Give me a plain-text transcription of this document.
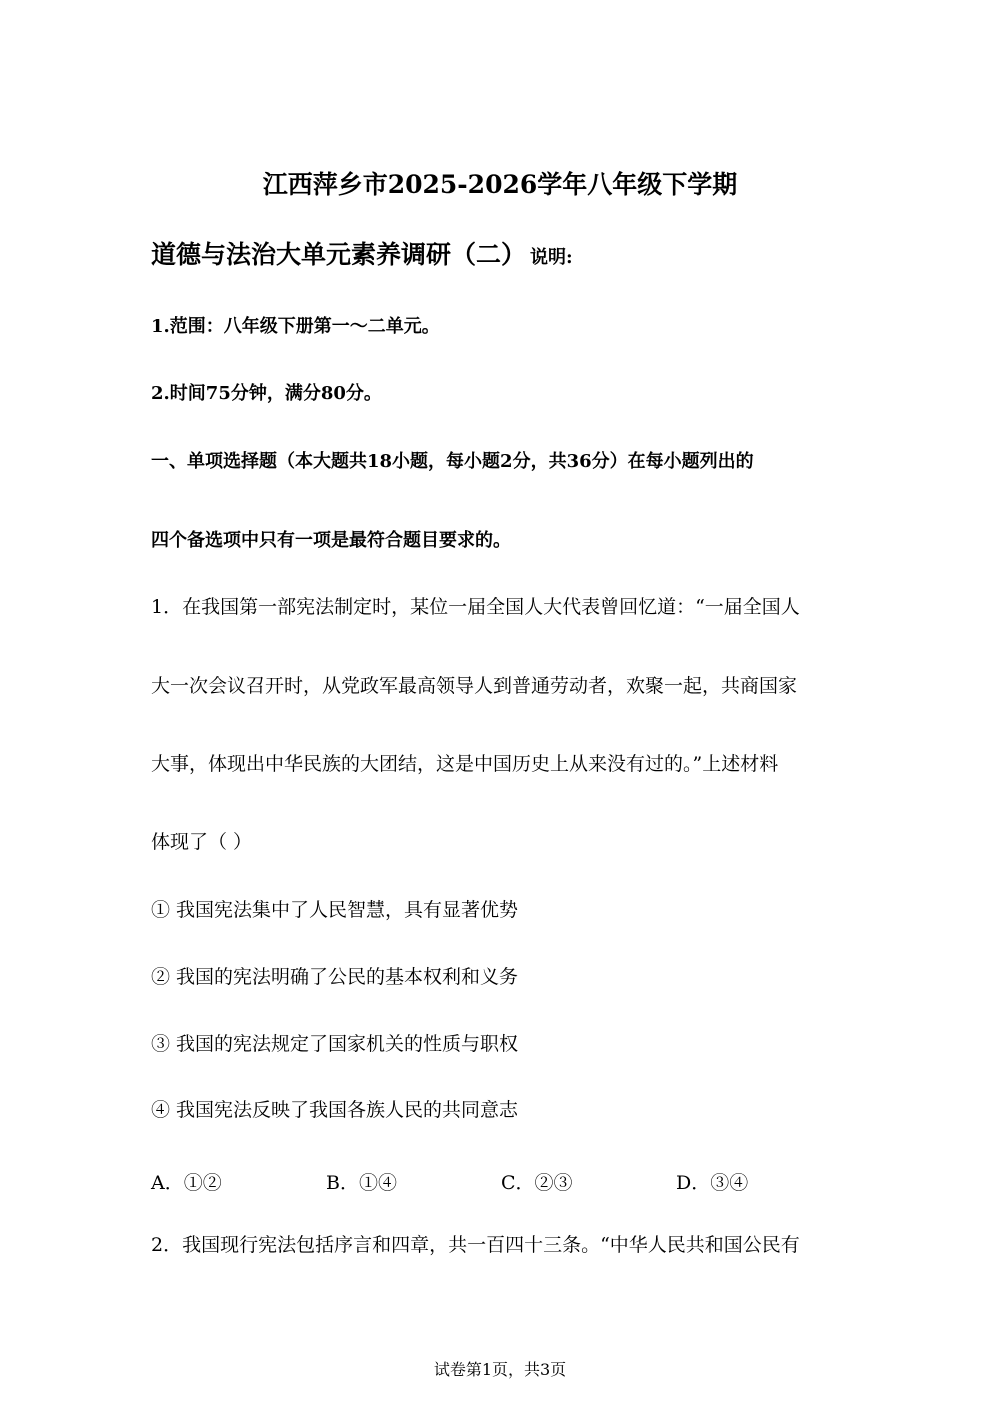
江西萍乡市2025-2026学年八年级下学期
道德与法治大单元素养调研（二） 说明:
1.范围：八年级下册第一～二单元。
2.时间75分钟，满分80分。
一、单项选择题（本大题共18小题，每小题2分，共36分）在每小题列出的
四个备选项中只有一项是最符合题目要求的。
1．在我国第一部宪法制定时，某位一届全国人大代表曾回忆道：“一届全国人
大一次会议召开时，从党政军最高领导人到普通劳动者，欢聚一起，共商国家
大事，体现出中华民族的大团结，这是中国历史上从来没有过的。”上述材料
体现了（ ）
① 我国宪法集中了人民智慧，具有显著优势
② 我国的宪法明确了公民的基本权利和义务
③ 我国的宪法规定了国家机关的性质与职权
④ 我国宪法反映了我国各族人民的共同意志
A．①②	B．①④	C．②③	D．③④
2．我国现行宪法包括序言和四章，共一百四十三条。“中华人民共和国公民有
试卷第1页，共3页
